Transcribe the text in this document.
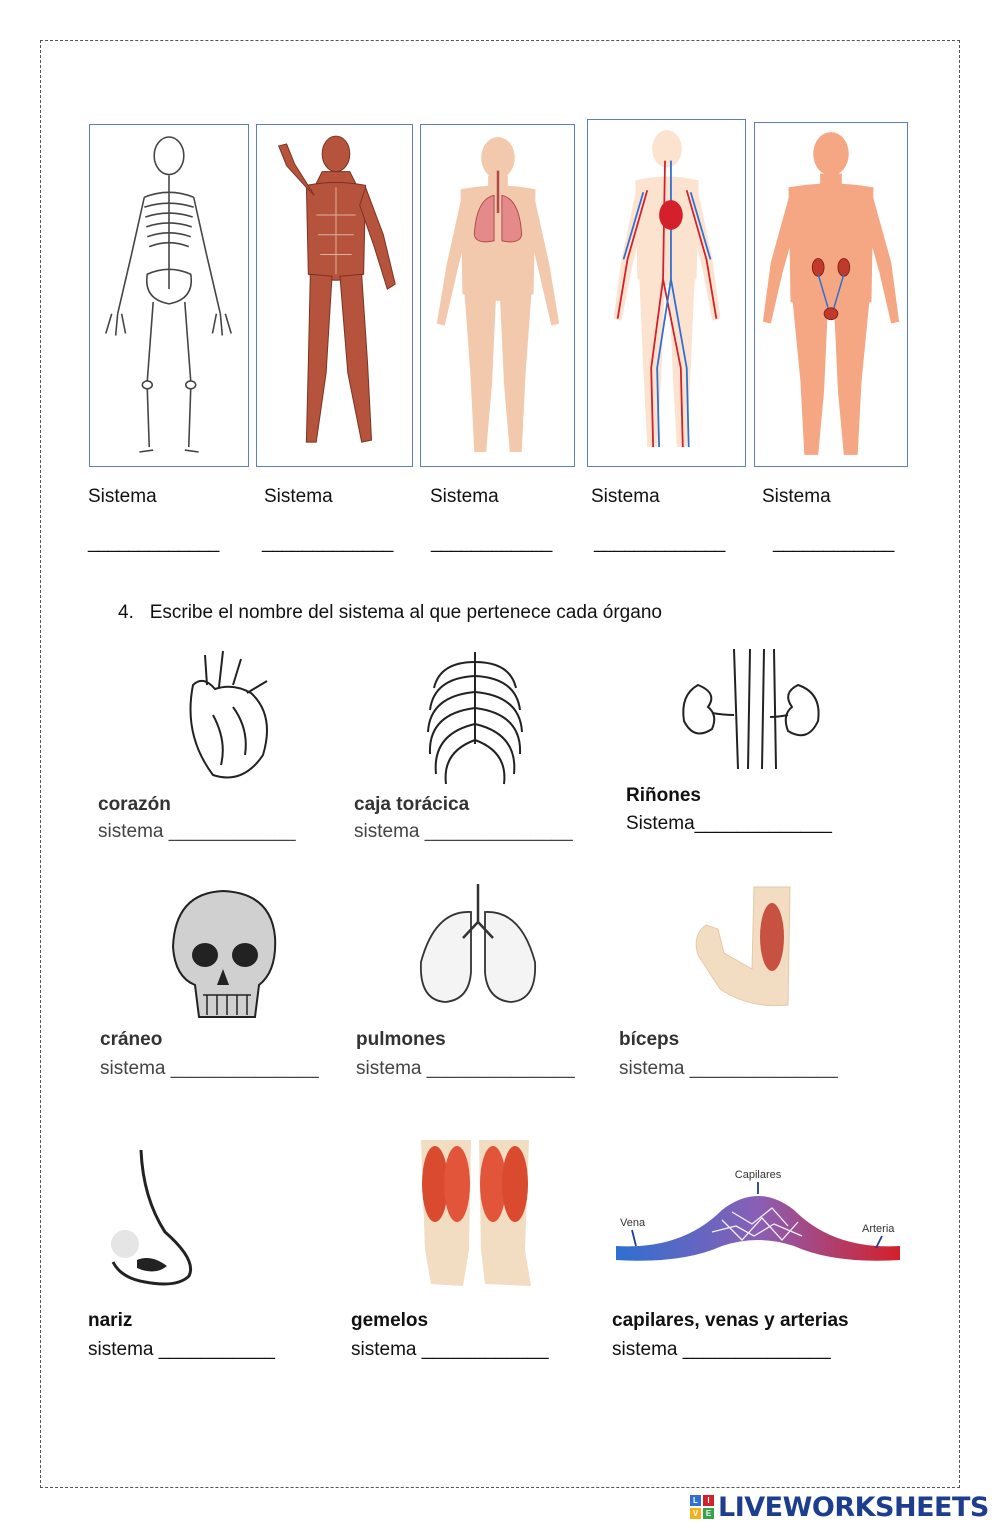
Sistema	Sistema	Sistema	Sistema	Sistema
_____________ _____________ ____________ _____________	____________
4. Escribe el nombre del sistema al que pertenece cada órgano
corazón
sistema ____________
caja torácica
sistema ______________
Riñones
Sistema_____________
cráneo
sistema ______________
pulmones
sistema ______________
bíceps
sistema ______________
Capilares
Vena	Arteria
nariz
sistema ___________
gemelos
sistema ____________
capilares, venas y arterias
sistema ______________
L	I
V E LIVEWORKSHEETS
